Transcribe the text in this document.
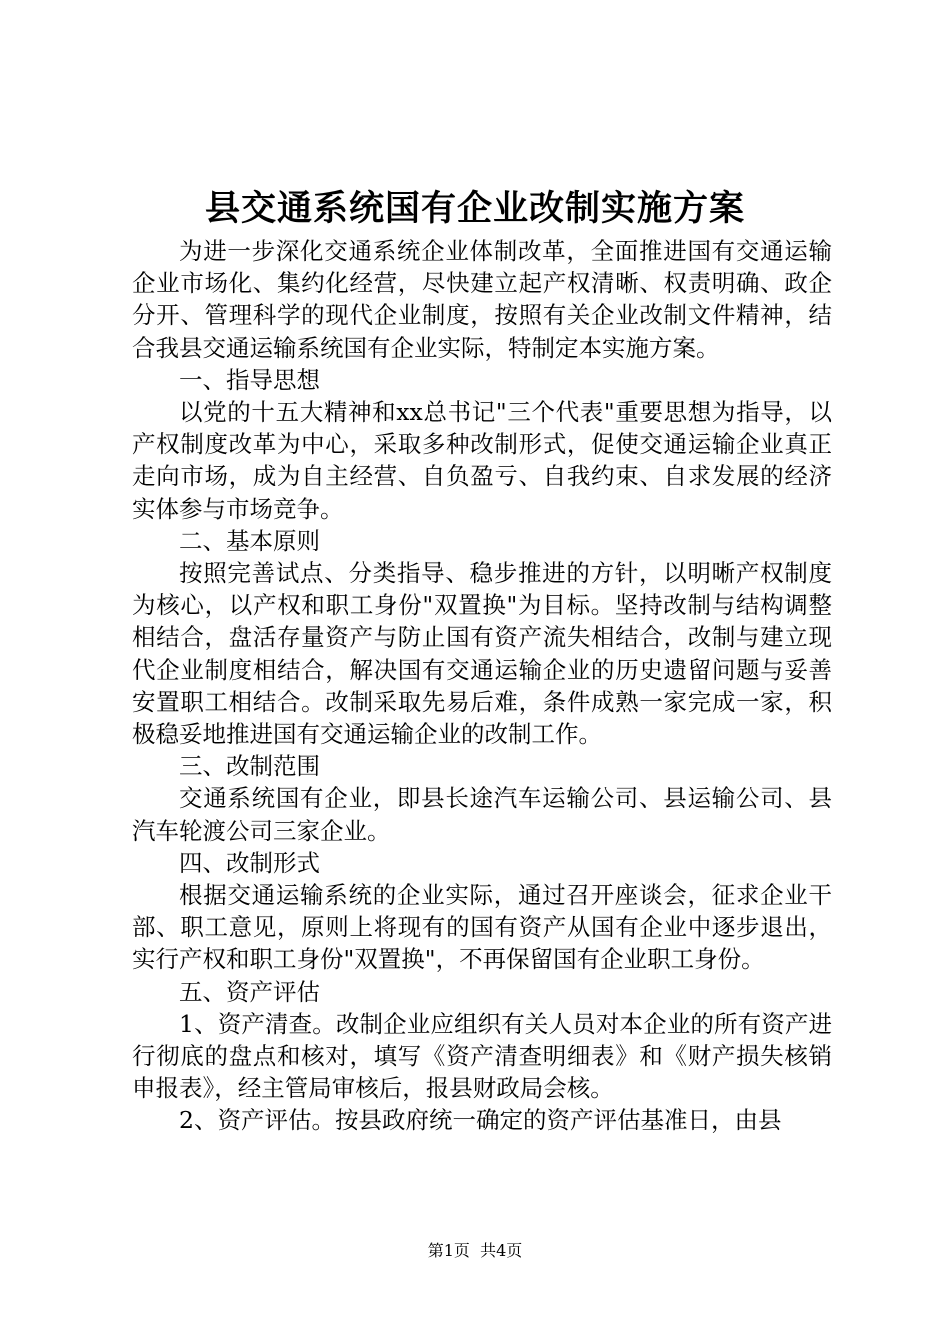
县交通系统国有企业改制实施方案

为进一步深化交通系统企业体制改革，全面推进国有交通运输企业市场化、集约化经营，尽快建立起产权清晰、权责明确、政企分开、管理科学的现代企业制度，按照有关企业改制文件精神，结合我县交通运输系统国有企业实际，特制定本实施方案。

一、指导思想

以党的十五大精神和xx总书记"三个代表"重要思想为指导，以产权制度改革为中心，采取多种改制形式，促使交通运输企业真正走向市场，成为自主经营、自负盈亏、自我约束、自求发展的经济实体参与市场竞争。

二、基本原则

按照完善试点、分类指导、稳步推进的方针，以明晰产权制度为核心，以产权和职工身份"双置换"为目标。坚持改制与结构调整相结合，盘活存量资产与防止国有资产流失相结合，改制与建立现代企业制度相结合，解决国有交通运输企业的历史遗留问题与妥善安置职工相结合。改制采取先易后难，条件成熟一家完成一家，积极稳妥地推进国有交通运输企业的改制工作。

三、改制范围

交通系统国有企业，即县长途汽车运输公司、县运输公司、县汽车轮渡公司三家企业。

四、改制形式

根据交通运输系统的企业实际，通过召开座谈会，征求企业干部、职工意见，原则上将现有的国有资产从国有企业中逐步退出，实行产权和职工身份"双置换"，不再保留国有企业职工身份。

五、资产评估

1、资产清查。改制企业应组织有关人员对本企业的所有资产进行彻底的盘点和核对，填写《资产清查明细表》和《财产损失核销申报表》，经主管局审核后，报县财政局会核。

2、资产评估。按县政府统一确定的资产评估基准日，由县

第1页 共4页
